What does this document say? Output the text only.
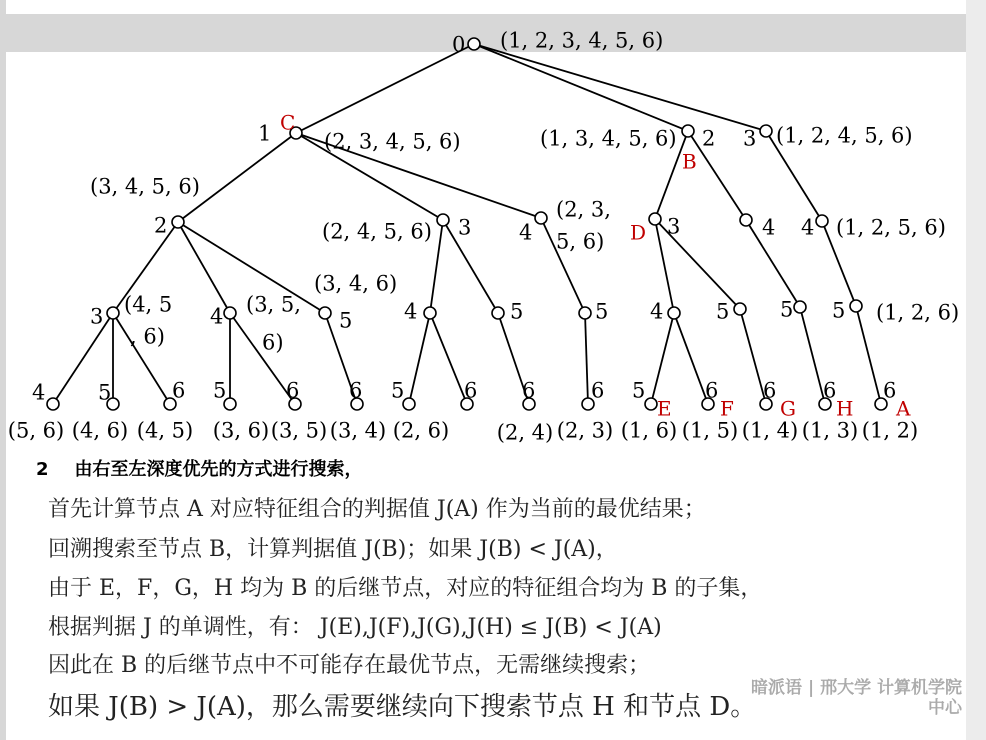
0 (1, 2, 3, 4, 5, 6)
1 C
(2, 3, 4, 5, 6)	2
B
(1, 3, 4, 5, 6)	3 (1, 2, 4, 5, 6)
2
(3, 4, 5, 6)
3
(2, 4, 5, 6)	4
(2, 3,
5, 6)
3
D	4 4 (1, 2, 5, 6)
3 (4, 5
, 6)
4 (3, 5,
6)
5
(3, 4, 6)
4	5	5 4	5 5 5 (1, 2, 6)
4
(5, 6)
5
(4, 6)
6
(4, 5)
5
(3, 6)
6
(3, 5)
6
(3, 4)
5
(2, 6)
6 6
(2, 4)
6
(2, 3)
5
E
(1, 6)
6
F
(1, 5)
6
G
(1, 4)
6
H
(1, 3)
6
A
(1, 2)
2 由右至左深度优先的方式进行搜索，
首先计算节点 A 对应特征组合的判据值 J(A) 作为当前的最优结果；
回溯搜索至节点 B，计算判据值 J(B)；如果 J(B) < J(A)，
由于 E，F，G，H 均为 B 的后继节点，对应的特征组合均为 B 的子集，
根据判据 J 的单调性，有： J(E),J(F),J(G),J(H) ≤ J(B) < J(A)
因此在 B 的后继节点中不可能存在最优节点，无需继续搜索；
如果 J(B) > J(A)，那么需要继续向下搜索节点 H 和节点 D。
暗派语 | 邢大学 计算机学院
中心
